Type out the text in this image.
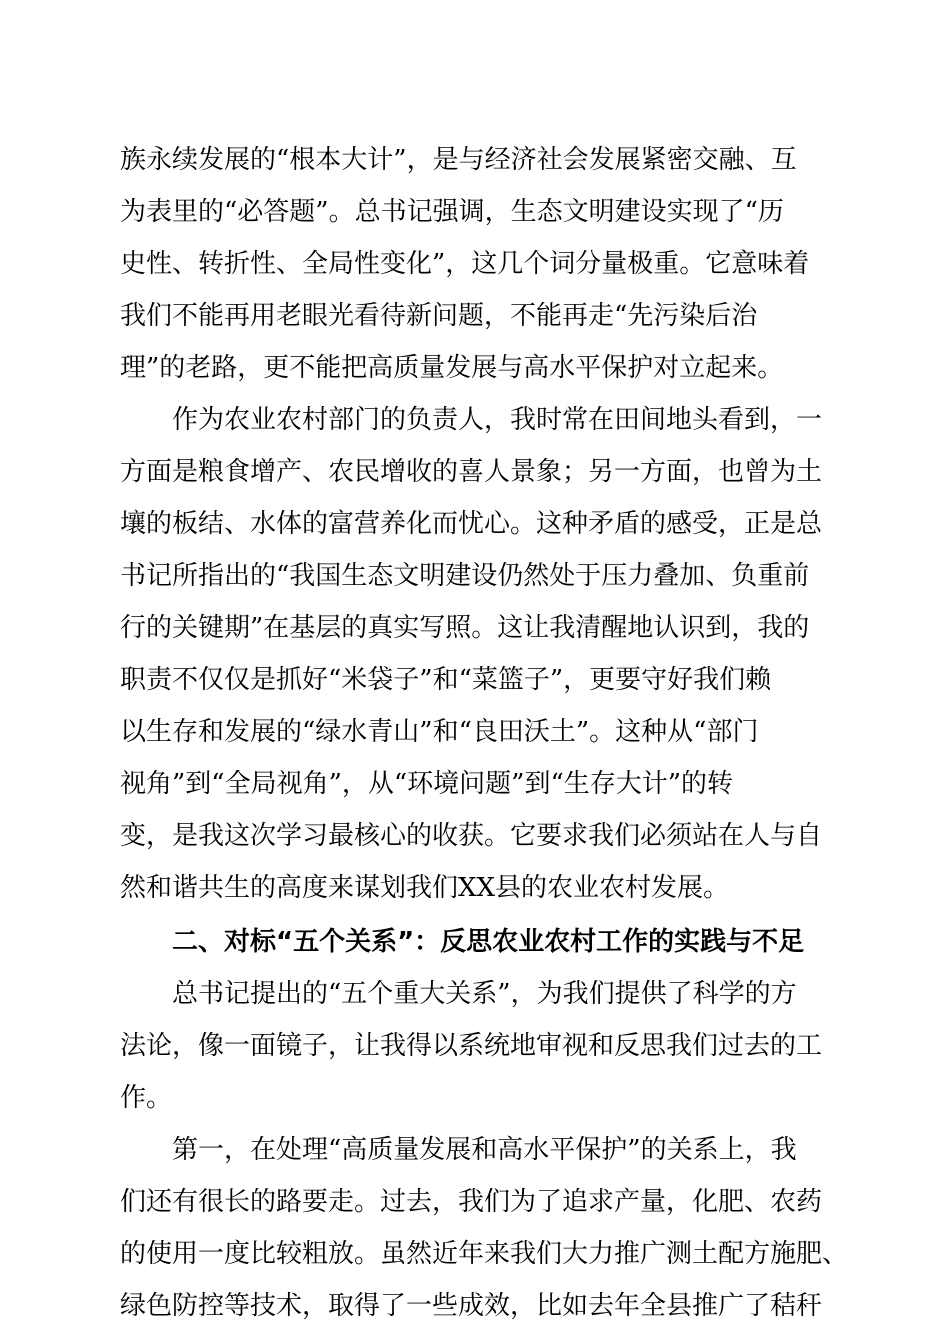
族永续发展的“根本大计”，是与经济社会发展紧密交融、互
为表里的“必答题”。总书记强调，生态文明建设实现了“历
史性、转折性、全局性变化”，这几个词分量极重。它意味着
我们不能再用老眼光看待新问题，不能再走“先污染后治
理”的老路，更不能把高质量发展与高水平保护对立起来。
作为农业农村部门的负责人，我时常在田间地头看到，一
方面是粮食增产、农民增收的喜人景象；另一方面，也曾为土
壤的板结、水体的富营养化而忧心。这种矛盾的感受，正是总
书记所指出的“我国生态文明建设仍然处于压力叠加、负重前
行的关键期”在基层的真实写照。这让我清醒地认识到，我的
职责不仅仅是抓好“米袋子”和“菜篮子”，更要守好我们赖
以生存和发展的“绿水青山”和“良田沃土”。这种从“部门
视角”到“全局视角”，从“环境问题”到“生存大计”的转
变，是我这次学习最核心的收获。它要求我们必须站在人与自
然和谐共生的高度来谋划我们XX县的农业农村发展。
二、对标“五个关系”：反思农业农村工作的实践与不足
总书记提出的“五个重大关系”，为我们提供了科学的方
法论，像一面镜子，让我得以系统地审视和反思我们过去的工
作。
第一，在处理“高质量发展和高水平保护”的关系上，我
们还有很长的路要走。过去，我们为了追求产量，化肥、农药
的使用一度比较粗放。虽然近年来我们大力推广测土配方施肥、
绿色防控等技术，取得了一些成效，比如去年全县推广了秸秆
